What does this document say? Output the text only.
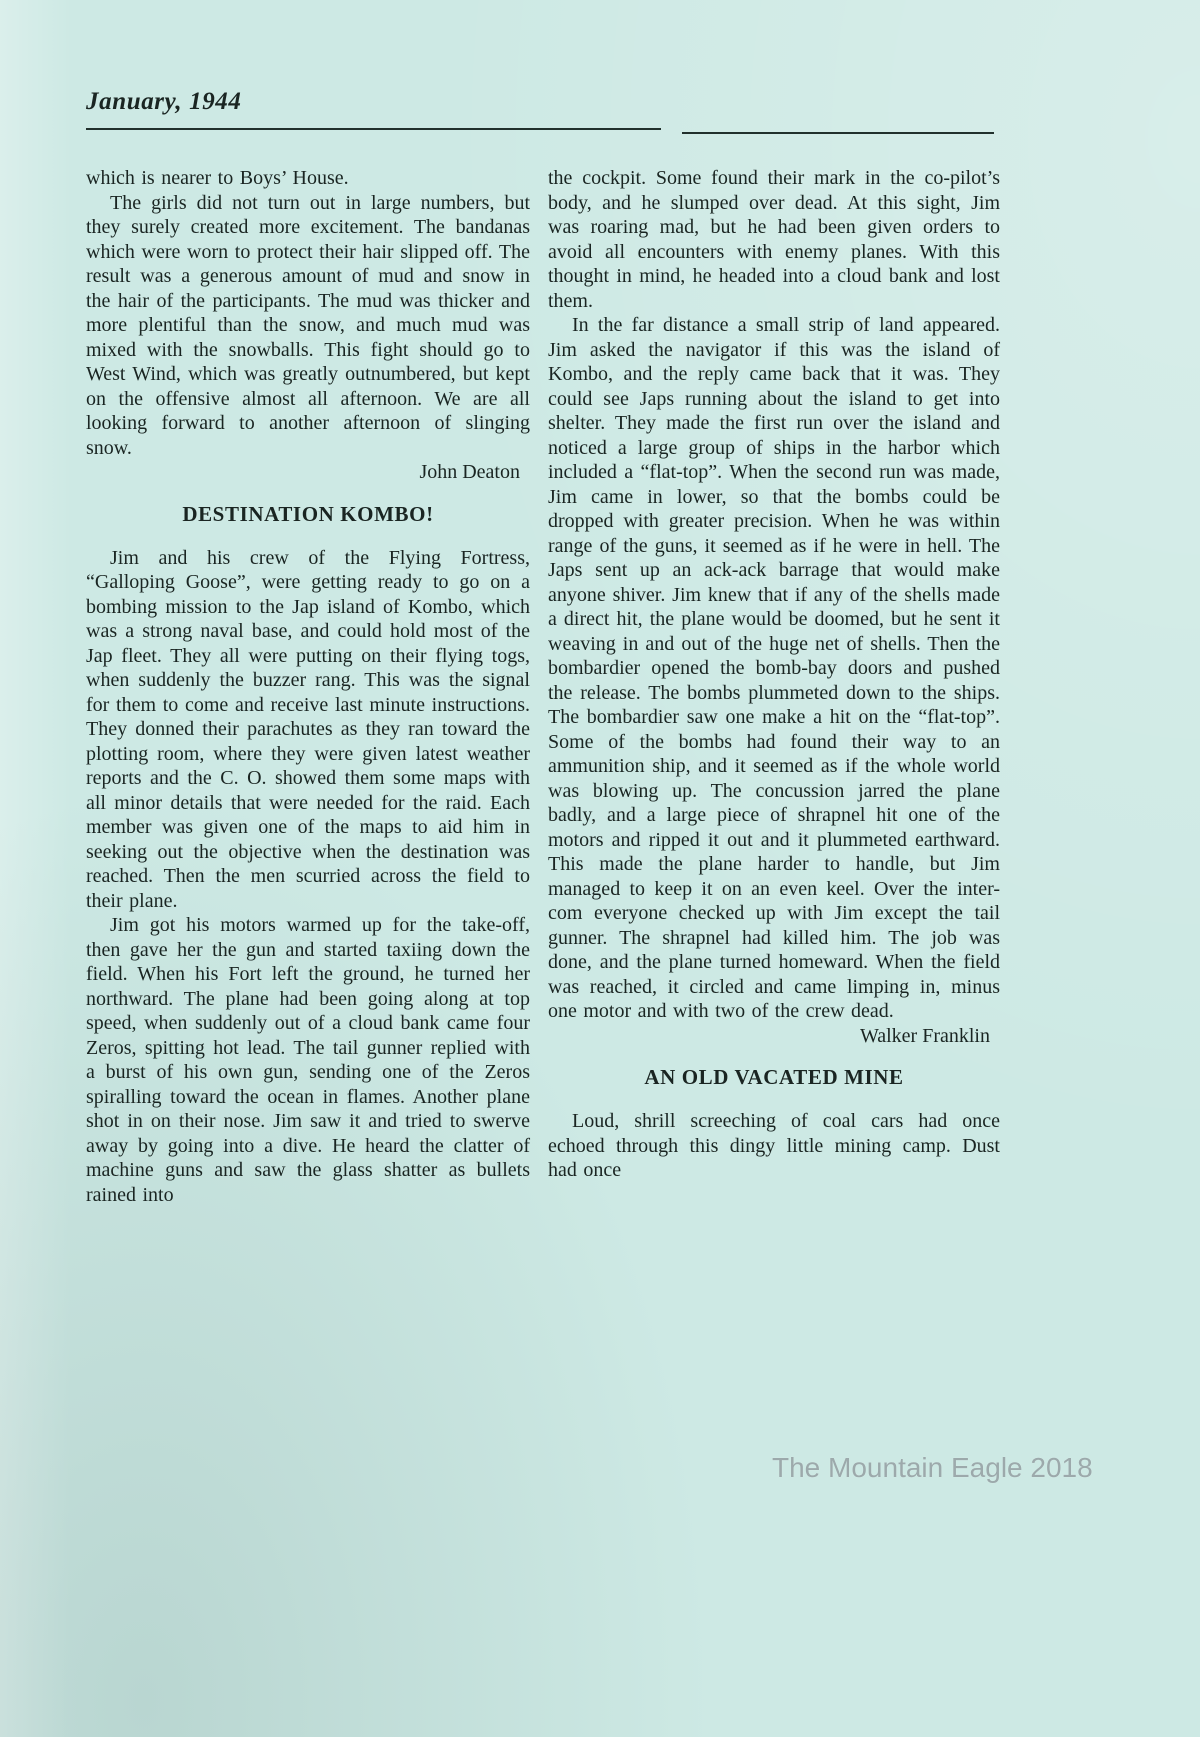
January, 1944

which is nearer to Boys’ House.

The girls did not turn out in large numbers, but they surely created more excitement. The bandanas which were worn to protect their hair slipped off. The result was a generous amount of mud and snow in the hair of the participants. The mud was thicker and more plentiful than the snow, and much mud was mixed with the snowballs. This fight should go to West Wind, which was greatly outnumbered, but kept on the offensive almost all afternoon. We are all looking forward to another afternoon of slinging snow.

John Deaton
DESTINATION KOMBO!

Jim and his crew of the Flying Fortress, “Galloping Goose”, were getting ready to go on a bombing mission to the Jap island of Kombo, which was a strong naval base, and could hold most of the Jap fleet. They all were putting on their flying togs, when suddenly the buzzer rang. This was the signal for them to come and receive last minute instructions. They donned their parachutes as they ran toward the plotting room, where they were given latest weather reports and the C. O. showed them some maps with all minor details that were needed for the raid. Each member was given one of the maps to aid him in seeking out the objective when the destination was reached. Then the men scurried across the field to their plane.

Jim got his motors warmed up for the take-off, then gave her the gun and started taxiing down the field. When his Fort left the ground, he turned her northward. The plane had been going along at top speed, when suddenly out of a cloud bank came four Zeros, spitting hot lead. The tail gunner replied with a burst of his own gun, sending one of the Zeros spiralling toward the ocean in flames. Another plane shot in on their nose. Jim saw it and tried to swerve away by going into a dive. He heard the clatter of machine guns and saw the glass shatter as bullets rained into

the cockpit. Some found their mark in the co-pilot’s body, and he slumped over dead. At this sight, Jim was roaring mad, but he had been given orders to avoid all encounters with enemy planes. With this thought in mind, he headed into a cloud bank and lost them.

In the far distance a small strip of land appeared. Jim asked the navigator if this was the island of Kombo, and the reply came back that it was. They could see Japs running about the island to get into shelter. They made the first run over the island and noticed a large group of ships in the harbor which included a “flat-top”. When the second run was made, Jim came in lower, so that the bombs could be dropped with greater precision. When he was within range of the guns, it seemed as if he were in hell. The Japs sent up an ack-ack barrage that would make anyone shiver. Jim knew that if any of the shells made a direct hit, the plane would be doomed, but he sent it weaving in and out of the huge net of shells. Then the bombardier opened the bomb-bay doors and pushed the release. The bombs plummeted down to the ships. The bombardier saw one make a hit on the “flat-top”. Some of the bombs had found their way to an ammunition ship, and it seemed as if the whole world was blowing up. The concussion jarred the plane badly, and a large piece of shrapnel hit one of the motors and ripped it out and it plummeted earthward. This made the plane harder to handle, but Jim managed to keep it on an even keel. Over the inter-com everyone checked up with Jim except the tail gunner. The shrapnel had killed him. The job was done, and the plane turned homeward. When the field was reached, it circled and came limping in, minus one motor and with two of the crew dead.

Walker Franklin
AN OLD VACATED MINE

Loud, shrill screeching of coal cars had once echoed through this dingy little mining camp. Dust had once

The Mountain Eagle 2018
